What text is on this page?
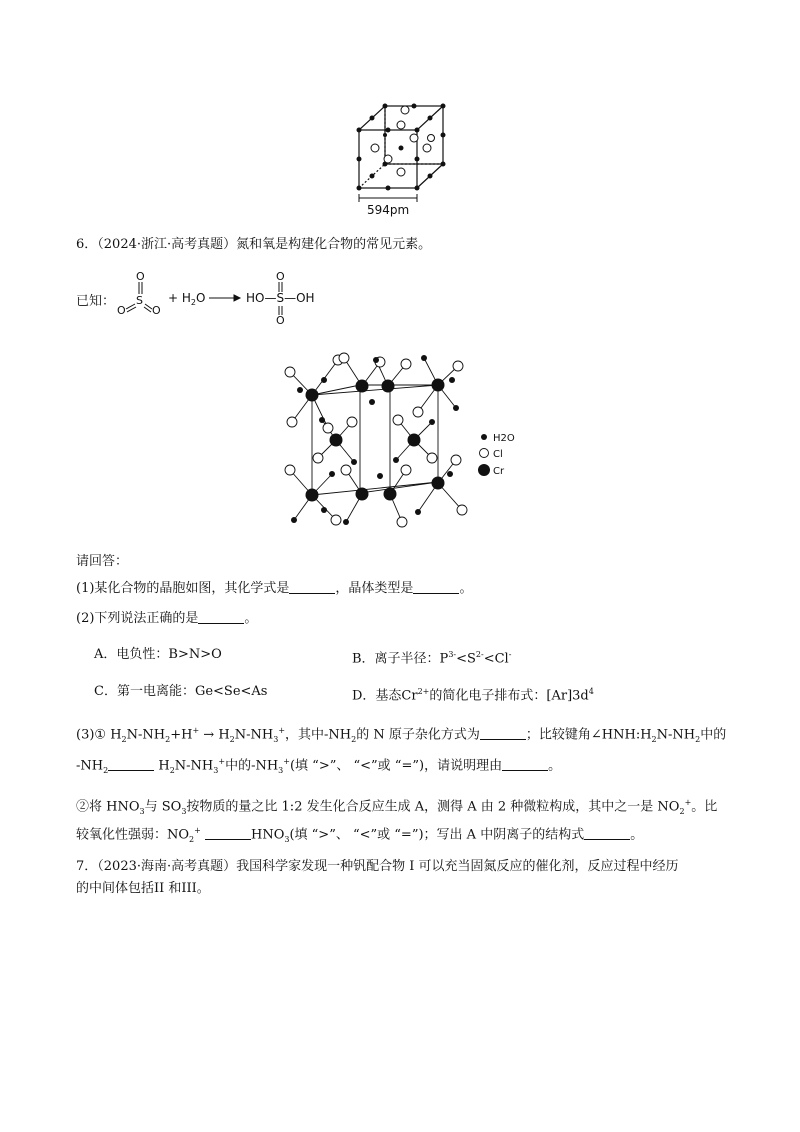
594pm
6．（2024·浙江·高考真题）氮和氧是构建化合物的常见元素。
已知：
O
S
O O
+ $H_2O$
O
O
HO—S—OH
H2O
Cl
Cr
请回答：
(1)某化合物的晶胞如图，其化学式是	，晶体类型是	。
(2)下列说法正确的是	。
A．电负性：B>N>O	B．离子半径：$P^{3-}<S^{2-}<Cl^-$
C．第一电离能：Ge<Se<As	D．基态$Cr^{2+}$的简化电子排布式：$[Ar]3d^4$
(3)① $H_2N-NH_2+H^+ \to H_2N-NH_3^+$，其中$-NH_2$的 N 原子杂化方式为	；比较键角$\angle HNH:H_2N-NH_2$中的
$-NH_2$	$H_2N-NH_3^+$中的$-NH_3^+$(填 “>”、 “<”或 “=”)，请说明理由	。
②将 $HNO_3$与 $SO_3$按物质的量之比 1:2 发生化合反应生成 A，测得 A 由 2 种微粒构成，其中之一是 $NO_2^+$。比
较氧化性强弱：$NO_2^+$	$HNO_3$(填 “>”、 “<”或 “=”)；写出 A 中阴离子的结构式	。
7．（2023·海南·高考真题）我国科学家发现一种钒配合物 I 可以充当固氮反应的催化剂，反应过程中经历
的中间体包括II 和III。
